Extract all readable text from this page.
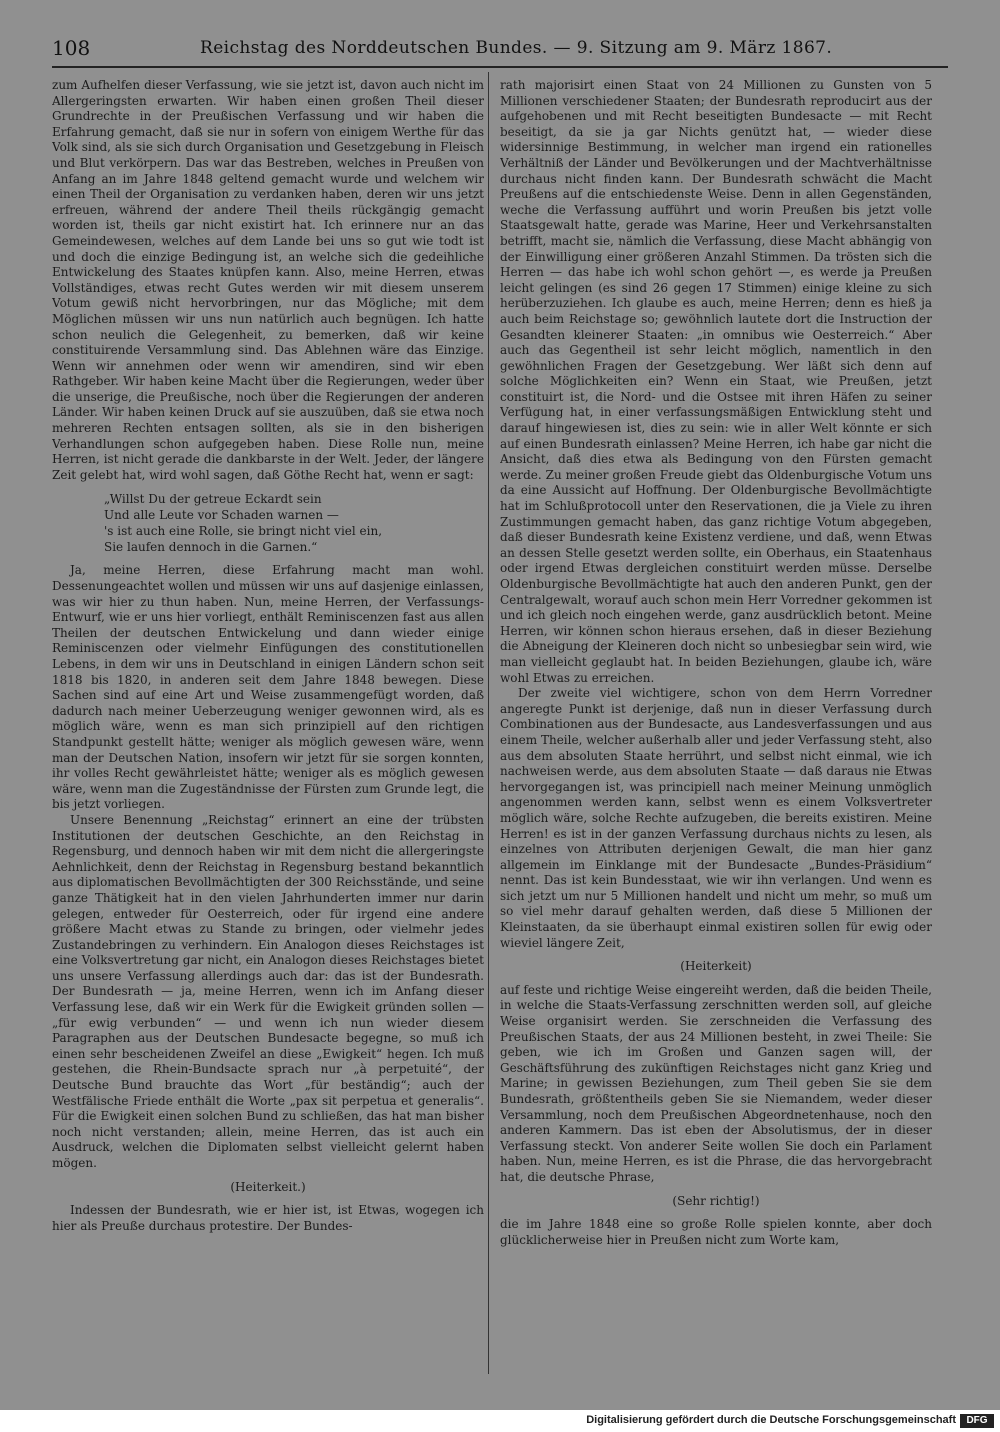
108	Reichstag des Norddeutschen Bundes. — 9. Sitzung am 9. März 1867.

zum Aufhelfen dieser Verfassung, wie sie jetzt ist, davon auch nicht im Allergeringsten erwarten. Wir haben einen großen Theil dieser Grundrechte in der Preußischen Verfassung und wir haben die Erfahrung gemacht, daß sie nur in sofern von einigem Werthe für das Volk sind, als sie sich durch Organisation und Gesetzgebung in Fleisch und Blut verkörpern. Das war das Bestreben, welches in Preußen von Anfang an im Jahre 1848 geltend gemacht wurde und welchem wir einen Theil der Organisation zu verdanken haben, deren wir uns jetzt erfreuen, während der andere Theil theils rückgängig gemacht worden ist, theils gar nicht existirt hat. Ich erinnere nur an das Gemeindewesen, welches auf dem Lande bei uns so gut wie todt ist und doch die einzige Bedingung ist, an welche sich die gedeihliche Entwickelung des Staates knüpfen kann. Also, meine Herren, etwas Vollständiges, etwas recht Gutes werden wir mit diesem unserem Votum gewiß nicht hervorbringen, nur das Mögliche; mit dem Möglichen müssen wir uns nun natürlich auch begnügen. Ich hatte schon neulich die Gelegenheit, zu bemerken, daß wir keine constituirende Versammlung sind. Das Ablehnen wäre das Einzige. Wenn wir annehmen oder wenn wir amendiren, sind wir eben Rathgeber. Wir haben keine Macht über die Regierungen, weder über die unserige, die Preußische, noch über die Regierungen der anderen Länder. Wir haben keinen Druck auf sie auszuüben, daß sie etwa noch mehreren Rechten entsagen sollten, als sie in den bisherigen Verhandlungen schon aufgegeben haben. Diese Rolle nun, meine Herren, ist nicht gerade die dankbarste in der Welt. Jeder, der längere Zeit gelebt hat, wird wohl sagen, daß Göthe Recht hat, wenn er sagt:

„Willst Du der getreue Eckardt sein
Und alle Leute vor Schaden warnen —
's ist auch eine Rolle, sie bringt nicht viel ein,
Sie laufen dennoch in die Garnen.“

Ja, meine Herren, diese Erfahrung macht man wohl. Dessenungeachtet wollen und müssen wir uns auf dasjenige einlassen, was wir hier zu thun haben. Nun, meine Herren, der Verfassungs-Entwurf, wie er uns hier vorliegt, enthält Reminiscenzen fast aus allen Theilen der deutschen Entwickelung und dann wieder einige Reminiscenzen oder vielmehr Einfügungen des constitutionellen Lebens, in dem wir uns in Deutschland in einigen Ländern schon seit 1818 bis 1820, in anderen seit dem Jahre 1848 bewegen. Diese Sachen sind auf eine Art und Weise zusammengefügt worden, daß dadurch nach meiner Ueberzeugung weniger gewonnen wird, als es möglich wäre, wenn es man sich prinzipiell auf den richtigen Standpunkt gestellt hätte; weniger als möglich gewesen wäre, wenn man der Deutschen Nation, insofern wir jetzt für sie sorgen konnten, ihr volles Recht gewährleistet hätte; weniger als es möglich gewesen wäre, wenn man die Zugeständnisse der Fürsten zum Grunde legt, die bis jetzt vorliegen.

Unsere Benennung „Reichstag“ erinnert an eine der trübsten Institutionen der deutschen Geschichte, an den Reichstag in Regensburg, und dennoch haben wir mit dem nicht die allergeringste Aehnlichkeit, denn der Reichstag in Regensburg bestand bekanntlich aus diplomatischen Bevollmächtigten der 300 Reichsstände, und seine ganze Thätigkeit hat in den vielen Jahrhunderten immer nur darin gelegen, entweder für Oesterreich, oder für irgend eine andere größere Macht etwas zu Stande zu bringen, oder vielmehr jedes Zustandebringen zu verhindern. Ein Analogon dieses Reichstages ist eine Volksvertretung gar nicht, ein Analogon dieses Reichstages bietet uns unsere Verfassung allerdings auch dar: das ist der Bundesrath. Der Bundesrath — ja, meine Herren, wenn ich im Anfang dieser Verfassung lese, daß wir ein Werk für die Ewigkeit gründen sollen — „für ewig verbunden“ — und wenn ich nun wieder diesem Paragraphen aus der Deutschen Bundesacte begegne, so muß ich einen sehr bescheidenen Zweifel an diese „Ewigkeit“ hegen. Ich muß gestehen, die Rhein-Bundsacte sprach nur „à perpetuité“, der Deutsche Bund brauchte das Wort „für beständig“; auch der Westfälische Friede enthält die Worte „pax sit perpetua et generalis“. Für die Ewigkeit einen solchen Bund zu schließen, das hat man bisher noch nicht verstanden; allein, meine Herren, das ist auch ein Ausdruck, welchen die Diplomaten selbst vielleicht gelernt haben mögen.

(Heiterkeit.)

Indessen der Bundesrath, wie er hier ist, ist Etwas, wogegen ich hier als Preuße durchaus protestire. Der Bundes-

rath majorisirt einen Staat von 24 Millionen zu Gunsten von 5 Millionen verschiedener Staaten; der Bundesrath reproducirt aus der aufgehobenen und mit Recht beseitigten Bundesacte — mit Recht beseitigt, da sie ja gar Nichts genützt hat, — wieder diese widersinnige Bestimmung, in welcher man irgend ein rationelles Verhältniß der Länder und Bevölkerungen und der Machtverhältnisse durchaus nicht finden kann. Der Bundesrath schwächt die Macht Preußens auf die entschiedenste Weise. Denn in allen Gegenständen, weche die Verfassung aufführt und worin Preußen bis jetzt volle Staatsgewalt hatte, gerade was Marine, Heer und Verkehrsanstalten betrifft, macht sie, nämlich die Verfassung, diese Macht abhängig von der Einwilligung einer größeren Anzahl Stimmen. Da trösten sich die Herren — das habe ich wohl schon gehört —, es werde ja Preußen leicht gelingen (es sind 26 gegen 17 Stimmen) einige kleine zu sich herüberzuziehen. Ich glaube es auch, meine Herren; denn es hieß ja auch beim Reichstage so; gewöhnlich lautete dort die Instruction der Gesandten kleinerer Staaten: „in omnibus wie Oesterreich.“ Aber auch das Gegentheil ist sehr leicht möglich, namentlich in den gewöhnlichen Fragen der Gesetzgebung. Wer läßt sich denn auf solche Möglichkeiten ein? Wenn ein Staat, wie Preußen, jetzt constituirt ist, die Nord- und die Ostsee mit ihren Häfen zu seiner Verfügung hat, in einer verfassungsmäßigen Entwicklung steht und darauf hingewiesen ist, dies zu sein: wie in aller Welt könnte er sich auf einen Bundesrath einlassen? Meine Herren, ich habe gar nicht die Ansicht, daß dies etwa als Bedingung von den Fürsten gemacht werde. Zu meiner großen Freude giebt das Oldenburgische Votum uns da eine Aussicht auf Hoffnung. Der Oldenburgische Bevollmächtigte hat im Schlußprotocoll unter den Reservationen, die ja Viele zu ihren Zustimmungen gemacht haben, das ganz richtige Votum abgegeben, daß dieser Bundesrath keine Existenz verdiene, und daß, wenn Etwas an dessen Stelle gesetzt werden sollte, ein Oberhaus, ein Staatenhaus oder irgend Etwas dergleichen constituirt werden müsse. Derselbe Oldenburgische Bevollmächtigte hat auch den anderen Punkt, gen der Centralgewalt, worauf auch schon mein Herr Vorredner gekommen ist und ich gleich noch eingehen werde, ganz ausdrücklich betont. Meine Herren, wir können schon hieraus ersehen, daß in dieser Beziehung die Abneigung der Kleineren doch nicht so unbesiegbar sein wird, wie man vielleicht geglaubt hat. In beiden Beziehungen, glaube ich, wäre wohl Etwas zu erreichen.

Der zweite viel wichtigere, schon von dem Herrn Vorredner angeregte Punkt ist derjenige, daß nun in dieser Verfassung durch Combinationen aus der Bundesacte, aus Landesverfassungen und aus einem Theile, welcher außerhalb aller und jeder Verfassung steht, also aus dem absoluten Staate herrührt, und selbst nicht einmal, wie ich nachweisen werde, aus dem absoluten Staate — daß daraus nie Etwas hervorgegangen ist, was principiell nach meiner Meinung unmöglich angenommen werden kann, selbst wenn es einem Volksvertreter möglich wäre, solche Rechte aufzugeben, die bereits existiren. Meine Herren! es ist in der ganzen Verfassung durchaus nichts zu lesen, als einzelnes von Attributen derjenigen Gewalt, die man hier ganz allgemein im Einklange mit der Bundesacte „Bundes-Präsidium“ nennt. Das ist kein Bundesstaat, wie wir ihn verlangen. Und wenn es sich jetzt um nur 5 Millionen handelt und nicht um mehr, so muß um so viel mehr darauf gehalten werden, daß diese 5 Millionen der Kleinstaaten, da sie überhaupt einmal existiren sollen für ewig oder wieviel längere Zeit,

(Heiterkeit)

auf feste und richtige Weise eingereiht werden, daß die beiden Theile, in welche die Staats-Verfassung zerschnitten werden soll, auf gleiche Weise organisirt werden. Sie zerschneiden die Verfassung des Preußischen Staats, der aus 24 Millionen besteht, in zwei Theile: Sie geben, wie ich im Großen und Ganzen sagen will, der Geschäftsführung des zukünftigen Reichstages nicht ganz Krieg und Marine; in gewissen Beziehungen, zum Theil geben Sie sie dem Bundesrath, größtentheils geben Sie sie Niemandem, weder dieser Versammlung, noch dem Preußischen Abgeordnetenhause, noch den anderen Kammern. Das ist eben der Absolutismus, der in dieser Verfassung steckt. Von anderer Seite wollen Sie doch ein Parlament haben. Nun, meine Herren, es ist die Phrase, die das hervorgebracht hat, die deutsche Phrase,

(Sehr richtig!)

die im Jahre 1848 eine so große Rolle spielen konnte, aber doch glücklicherweise hier in Preußen nicht zum Worte kam,

Digitalisierung gefördert durch die Deutsche Forschungsgemeinschaft	DFG
